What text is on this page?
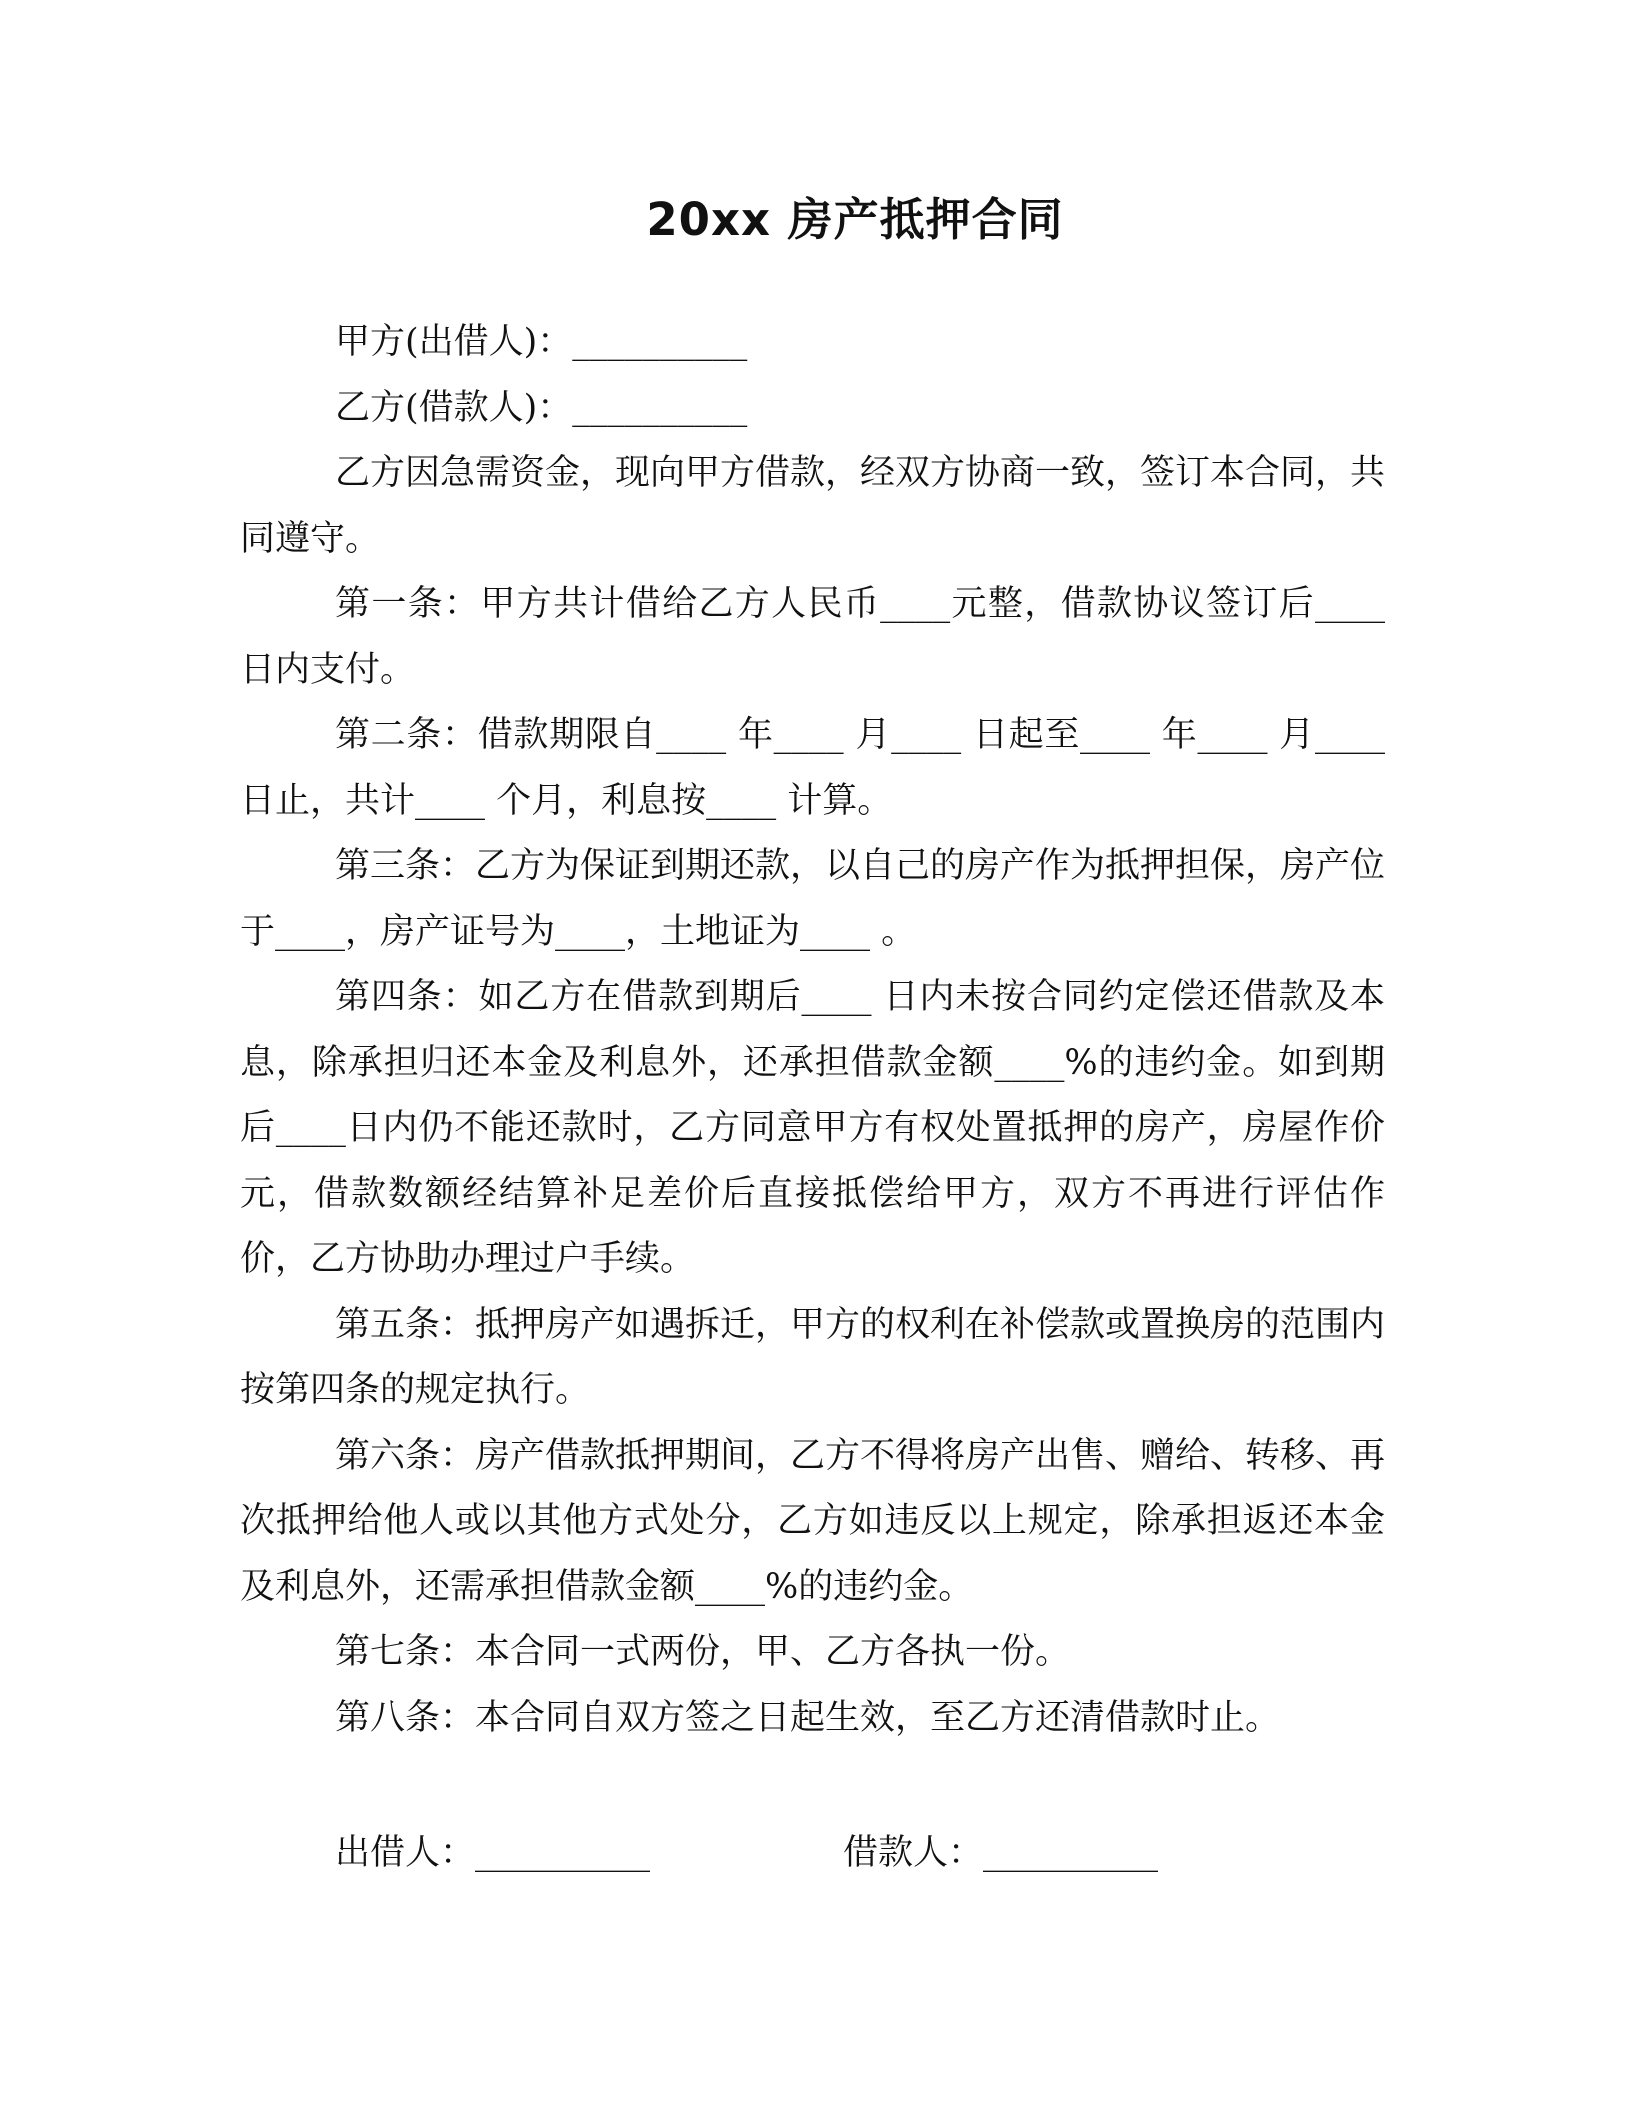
20xx 房产抵押合同

甲方(出借人)：__________

乙方(借款人)：__________

乙方因急需资金，现向甲方借款，经双方协商一致，签订本合同，共同遵守。

第一条：甲方共计借给乙方人民币____元整，借款协议签订后____ 日内支付。

第二条：借款期限自____ 年____ 月____ 日起至____ 年____ 月____ 日止，共计____ 个月，利息按____ 计算。

第三条：乙方为保证到期还款，以自己的房产作为抵押担保，房产位于____，房产证号为____，土地证为____ 。

第四条：如乙方在借款到期后____ 日内未按合同约定偿还借款及本息，除承担归还本金及利息外，还承担借款金额____%的违约金。如到期后____日内仍不能还款时，乙方同意甲方有权处置抵押的房产，房屋作价元，借款数额经结算补足差价后直接抵偿给甲方，双方不再进行评估作价，乙方协助办理过户手续。

第五条：抵押房产如遇拆迁，甲方的权利在补偿款或置换房的范围内按第四条的规定执行。

第六条：房产借款抵押期间，乙方不得将房产出售、赠给、转移、再次抵押给他人或以其他方式处分，乙方如违反以上规定，除承担返还本金及利息外，还需承担借款金额____%的违约金。

第七条：本合同一式两份，甲、乙方各执一份。

第八条：本合同自双方签之日起生效，至乙方还清借款时止。

出借人：__________	借款人：__________
